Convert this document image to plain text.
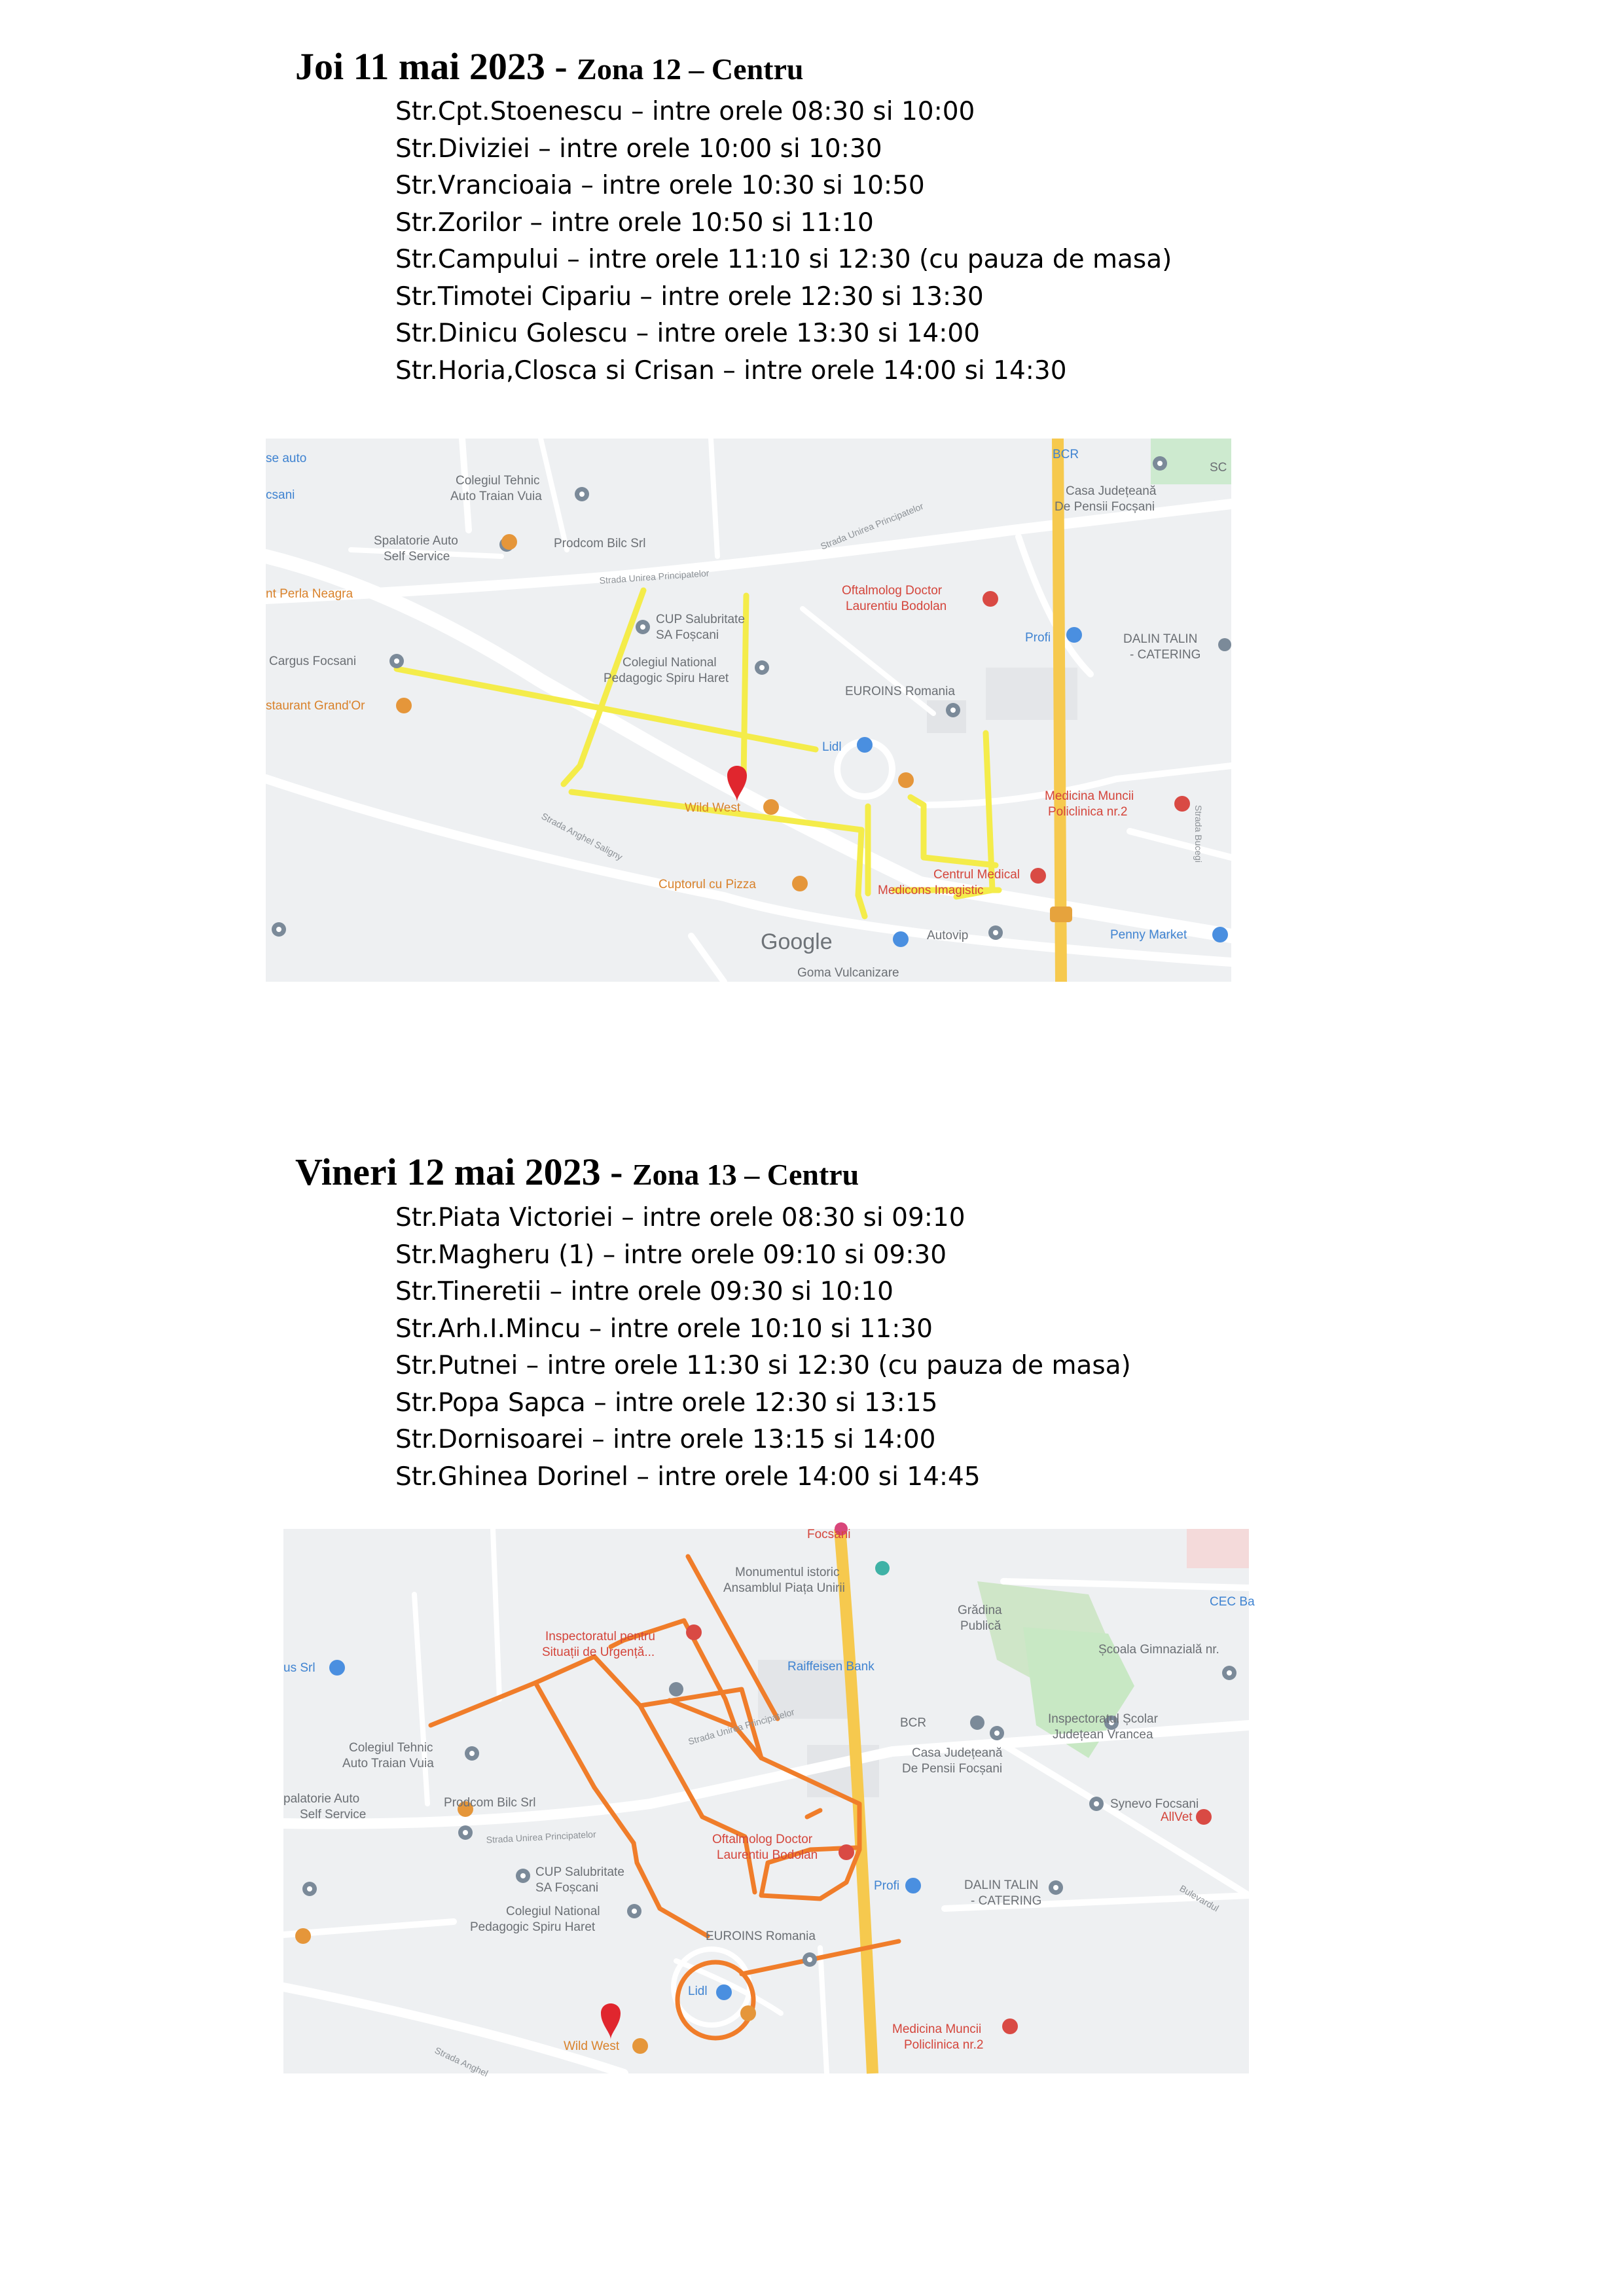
Joi 11 mai 2023 - Zona 12 – Centru
Str.Cpt.Stoenescu – intre orele 08:30 si 10:00
Str.Diviziei – intre orele 10:00 si 10:30
Str.Vrancioaia – intre orele 10:30 si 10:50
Str.Zorilor – intre orele 10:50 si 11:10
Str.Campului – intre orele 11:10 si 12:30 (cu pauza de masa)
Str.Timotei Cipariu – intre orele 12:30 si 13:30
Str.Dinicu Golescu – intre orele 13:30 si 14:00
Str.Horia,Closca si Crisan – intre orele 14:00 si 14:30
Strada Unirea Principatelor
Strada Unirea Principatelor
Strada Anghel Saligny	Strada Bucegi
se auto
csani
nt Perla Neagra
Cargus Focsani
staurant Grand'Or
Colegiul Tehnic
Auto Traian Vuia
Spalatorie Auto
Self Service
Prodcom Bilc Srl
CUP Salubritate
SA Foșcani
Colegiul National
Pedagogic Spiru Haret
Wild West
Cuptorul cu Pizza
Oftalmolog Doctor
Laurentiu Bodolan
EUROINS Romania
Lidl
Profi
BCR
Casa Județeană
De Pensii Focșani
DALIN TALIN
- CATERING
Medicina Muncii
Policlinica nr.2
Centrul Medical
Medicons Imagistic
Autovip	Penny Market
Goma Vulcanizare
SC
Google
Vineri 12 mai 2023 - Zona 13 – Centru
Str.Piata Victoriei – intre orele 08:30 si 09:10
Str.Magheru (1) – intre orele 09:10 si 09:30
Str.Tineretii – intre orele 09:30 si 10:10
Str.Arh.I.Mincu – intre orele 10:10 si 11:30
Str.Putnei – intre orele 11:30 si 12:30 (cu pauza de masa)
Str.Popa Sapca – intre orele 12:30 si 13:15
Str.Dornisoarei – intre orele 13:15 si 14:00
Str.Ghinea Dorinel – intre orele 14:00 si 14:45
Strada Unirea Principatelor
Strada Unirea Principatelor
Strada Anghel
Bulevardul
Focsani
Monumentul istoric
Ansamblul Piața Unirii
Grădina
Publică
CEC Ba
Școala Gimnazială nr.
Inspectoratul pentru
Situații de Urgență...
Raiffeisen Bank
us Srl
BCR	Inspectoratul Școlar
Județean Vrancea
Colegiul Tehnic
Auto Traian Vuia
Casa Județeană
De Pensii Focșani
Synevo Focsani
palatorie Auto
Self Service
Prodcom Bilc Srl
AllVet
Oftalmolog Doctor
Laurentiu Bodolan
CUP Salubritate
SA Foșcani	Profi	DALIN TALIN
- CATERING
Colegiul National
Pedagogic Spiru Haret
EUROINS Romania
Lidl
Medicina Muncii
Policlinica nr.2
Wild West
